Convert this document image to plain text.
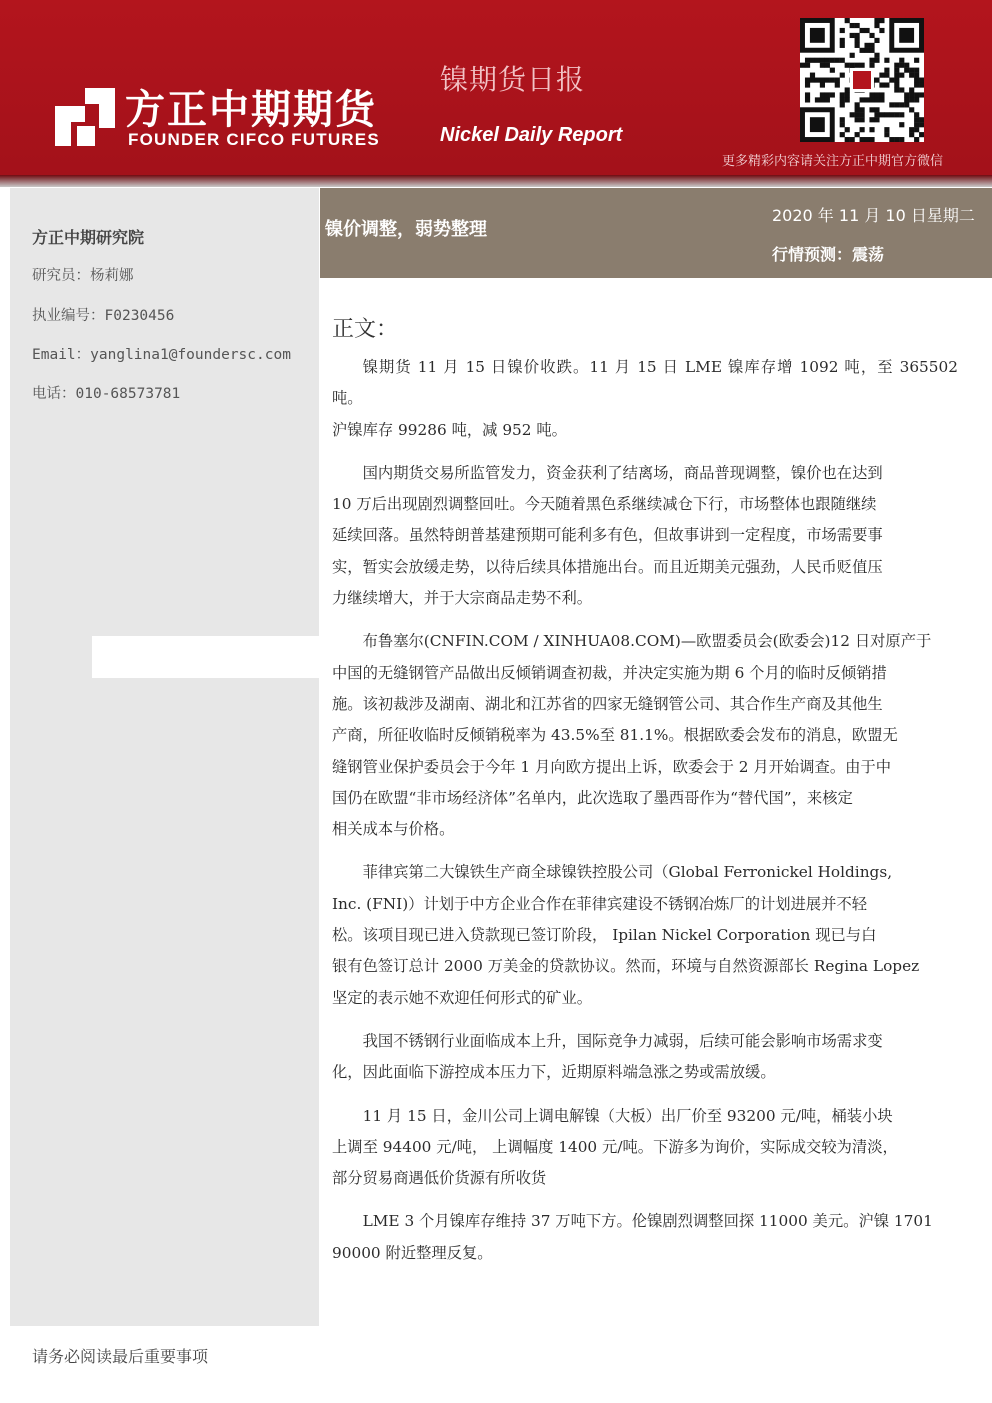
方正中期期货
FOUNDER CIFCO FUTURES
镍期货日报
Nickel Daily Report
更多精彩内容请关注方正中期官方微信
方正中期研究院
研究员：杨莉娜
执业编号：F0230456
Email：yanglina1@foundersc.com
电话：010-68573781
镍价调整，弱势整理
2020 年 11 月 10 日星期二
行情预测：震荡
正文：

镍期货 11 月 15 日镍价收跌。11 月 15 日 LME 镍库存增 1092 吨，至 365502 吨。
沪镍库存 99286 吨，减 952 吨。

国内期货交易所监管发力，资金获利了结离场，商品普现调整，镍价也在达到
10 万后出现剧烈调整回吐。今天随着黑色系继续减仓下行，市场整体也跟随继续
延续回落。虽然特朗普基建预期可能利多有色，但故事讲到一定程度，市场需要事
实，暂实会放缓走势，以待后续具体措施出台。而且近期美元强劲，人民币贬值压
力继续增大，并于大宗商品走势不利。

布鲁塞尔(CNFIN.COM / XINHUA08.COM)—欧盟委员会(欧委会)12 日对原产于
中国的无缝钢管产品做出反倾销调查初裁，并决定实施为期 6 个月的临时反倾销措
施。该初裁涉及湖南、湖北和江苏省的四家无缝钢管公司、其合作生产商及其他生
产商，所征收临时反倾销税率为 43.5%至 81.1%。根据欧委会发布的消息，欧盟无
缝钢管业保护委员会于今年 1 月向欧方提出上诉，欧委会于 2 月开始调查。由于中
国仍在欧盟“非市场经济体”名单内，此次选取了墨西哥作为“替代国”，来核定
相关成本与价格。

菲律宾第二大镍铁生产商全球镍铁控股公司（Global Ferronickel Holdings,
Inc. (FNI)）计划于中方企业合作在菲律宾建设不锈钢冶炼厂的计划进展并不轻
松。该项目现已进入贷款现已签订阶段， Ipilan Nickel Corporation 现已与白
银有色签订总计 2000 万美金的贷款协议。然而，环境与自然资源部长 Regina Lopez
坚定的表示她不欢迎任何形式的矿业。

我国不锈钢行业面临成本上升，国际竞争力减弱，后续可能会影响市场需求变
化，因此面临下游控成本压力下，近期原料端急涨之势或需放缓。

11 月 15 日，金川公司上调电解镍（大板）出厂价至 93200 元/吨，桶装小块
上调至 94400 元/吨， 上调幅度 1400 元/吨。下游多为询价，实际成交较为清淡，
部分贸易商遇低价货源有所收货

LME 3 个月镍库存维持 37 万吨下方。伦镍剧烈调整回探 11000 美元。沪镍 1701
90000 附近整理反复。

请务必阅读最后重要事项
